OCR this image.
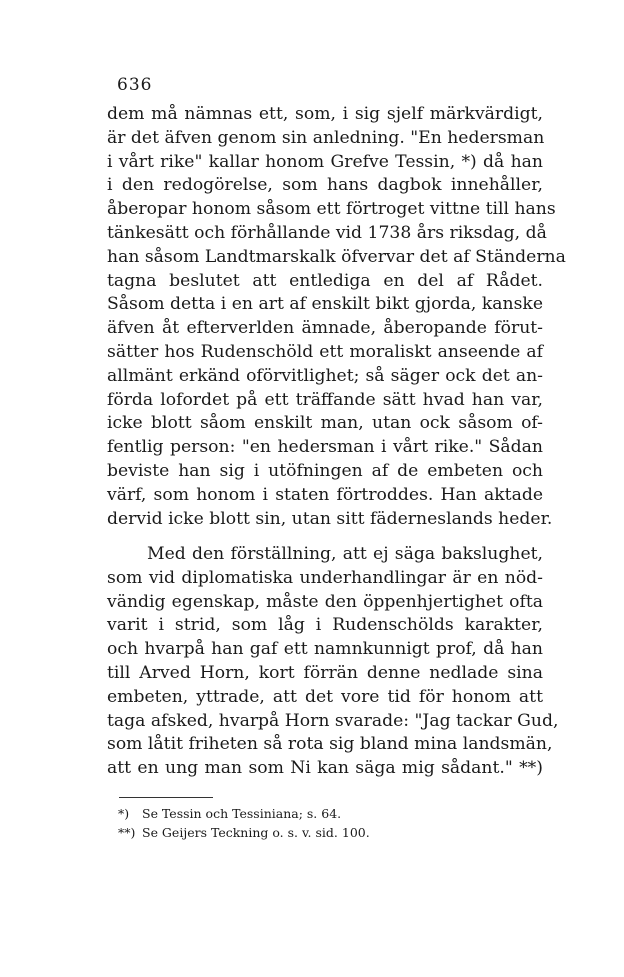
636
dem må nämnas ett, som, i sig sjelf märkvärdigt,
är det äfven genom sin anledning. "En hedersman
i vårt rike" kallar honom Grefve Tessin, *) då han
i den redogörelse, som hans dagbok innehåller,
åberopar honom såsom ett förtroget vittne till hans
tänkesätt och förhållande vid 1738 års riksdag, då
han såsom Landtmarskalk öfvervar det af Ständerna
tagna beslutet att entlediga en del af Rådet.
Såsom detta i en art af enskilt bikt gjorda, kanske
äfven åt efterverlden ämnade, åberopande förut-
sätter hos Rudenschöld ett moraliskt anseende af
allmänt erkänd oförvitlighet; så säger ock det an-
förda lofordet på ett träffande sätt hvad han var,
icke blott såom enskilt man, utan ock såsom of-
fentlig person: "en hedersman i vårt rike." Sådan
beviste han sig i utöfningen af de embeten och
värf, som honom i staten förtroddes. Han aktade
dervid icke blott sin, utan sitt fäderneslands heder.
Med den förställning, att ej säga bakslughet,
som vid diplomatiska underhandlingar är en nöd-
vändig egenskap, måste den öppenhjertighet ofta
varit i strid, som låg i Rudenschölds karakter,
och hvarpå han gaf ett namnkunnigt prof, då han
till Arved Horn, kort förrän denne nedlade sina
embeten, yttrade, att det vore tid för honom att
taga afsked, hvarpå Horn svarade: "Jag tackar Gud,
som låtit friheten så rota sig bland mina landsmän,
att en ung man som Ni kan säga mig sådant." **)
*) Se Tessin och Tessiniana; s. 64.
**) Se Geijers Teckning o. s. v. sid. 100.
